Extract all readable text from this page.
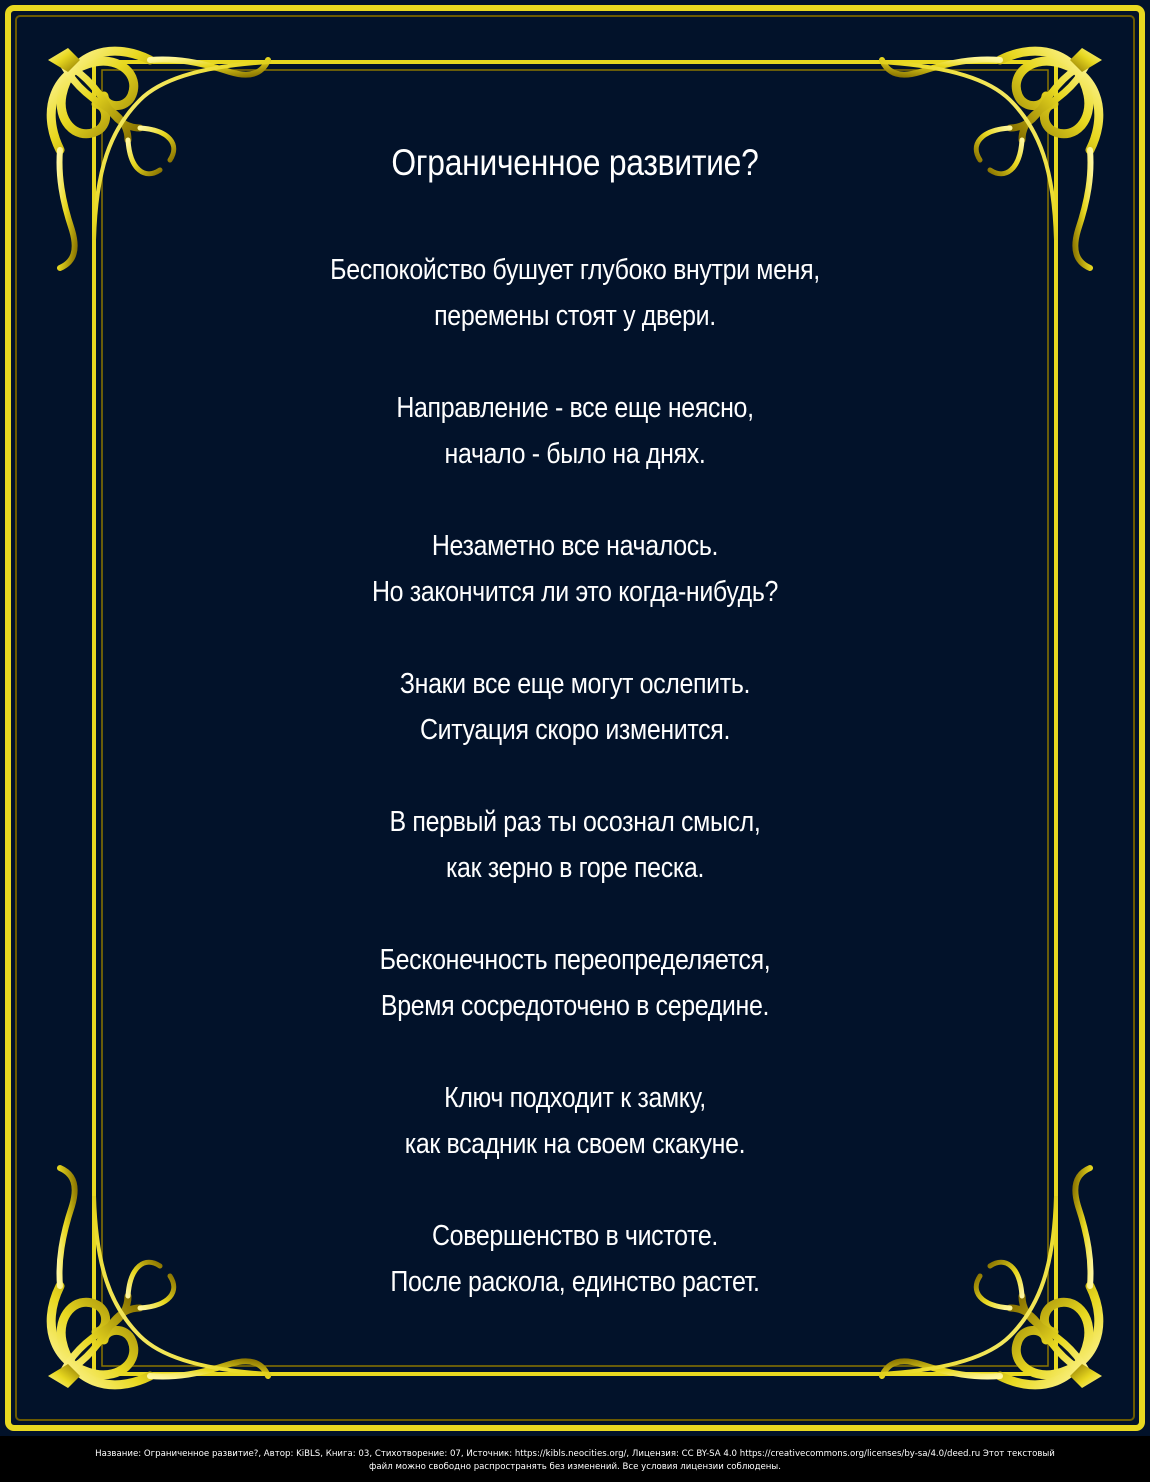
Ограниченное развитие?
Беспокойство бушует глубоко внутри меня,
перемены стоят у двери.
Направление - все еще неясно,
начало - было на днях.
Незаметно все началось.
Но закончится ли это когда-нибудь?
Знаки все еще могут ослепить.
Ситуация скоро изменится.
В первый раз ты осознал смысл,
как зерно в горе песка.
Бесконечность переопределяется,
Время сосредоточено в середине.
Ключ подходит к замку,
как всадник на своем скакуне.
Совершенство в чистоте.
После раскола, единство растет.
Название: Ограниченное развитие?, Автор: KiBLS, Книга: 03, Стихотворение: 07, Источник: https://kibls.neocities.org/, Лицензия: CC BY-SA 4.0 https://creativecommons.org/licenses/by-sa/4.0/deed.ru Этот текстовый
файл можно свободно распространять без изменений. Все условия лицензии соблюдены.
